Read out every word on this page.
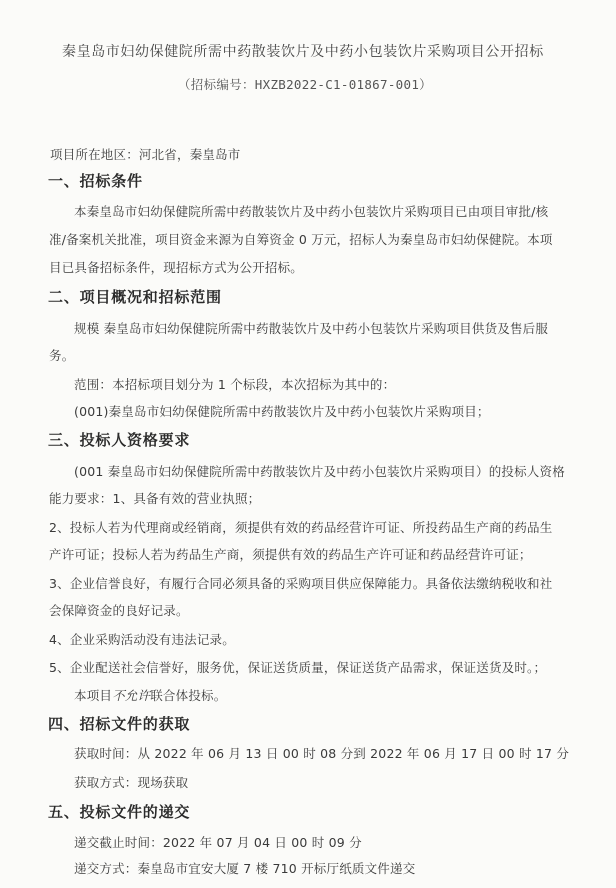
秦皇岛市妇幼保健院所需中药散装饮片及中药小包装饮片采购项目公开招标
（招标编号：HXZB2022-C1-01867-001）
项目所在地区：河北省，秦皇岛市
一、招标条件
本秦皇岛市妇幼保健院所需中药散装饮片及中药小包装饮片采购项目已由项目审批/核
准/备案机关批准，项目资金来源为自筹资金 0 万元，招标人为秦皇岛市妇幼保健院。本项
目已具备招标条件，现招标方式为公开招标。
二、项目概况和招标范围
规模 秦皇岛市妇幼保健院所需中药散装饮片及中药小包装饮片采购项目供货及售后服
务。
范围：本招标项目划分为 1 个标段，本次招标为其中的：
(001)秦皇岛市妇幼保健院所需中药散装饮片及中药小包装饮片采购项目；
三、投标人资格要求
(001 秦皇岛市妇幼保健院所需中药散装饮片及中药小包装饮片采购项目）的投标人资格
能力要求：1、具备有效的营业执照；
2、投标人若为代理商或经销商，须提供有效的药品经营许可证、所投药品生产商的药品生
产许可证；投标人若为药品生产商，须提供有效的药品生产许可证和药品经营许可证；
3、企业信誉良好，有履行合同必须具备的采购项目供应保障能力。具备依法缴纳税收和社
会保障资金的良好记录。
4、企业采购活动没有违法记录。
5、企业配送社会信誉好，服务优，保证送货质量，保证送货产品需求，保证送货及时。；
本项目不允许联合体投标。
四、招标文件的获取
获取时间：从 2022 年 06 月 13 日 00 时 08 分到 2022 年 06 月 17 日 00 时 17 分
获取方式：现场获取
五、投标文件的递交
递交截止时间：2022 年 07 月 04 日 00 时 09 分
递交方式：秦皇岛市宜安大厦 7 楼 710 开标厅纸质文件递交
